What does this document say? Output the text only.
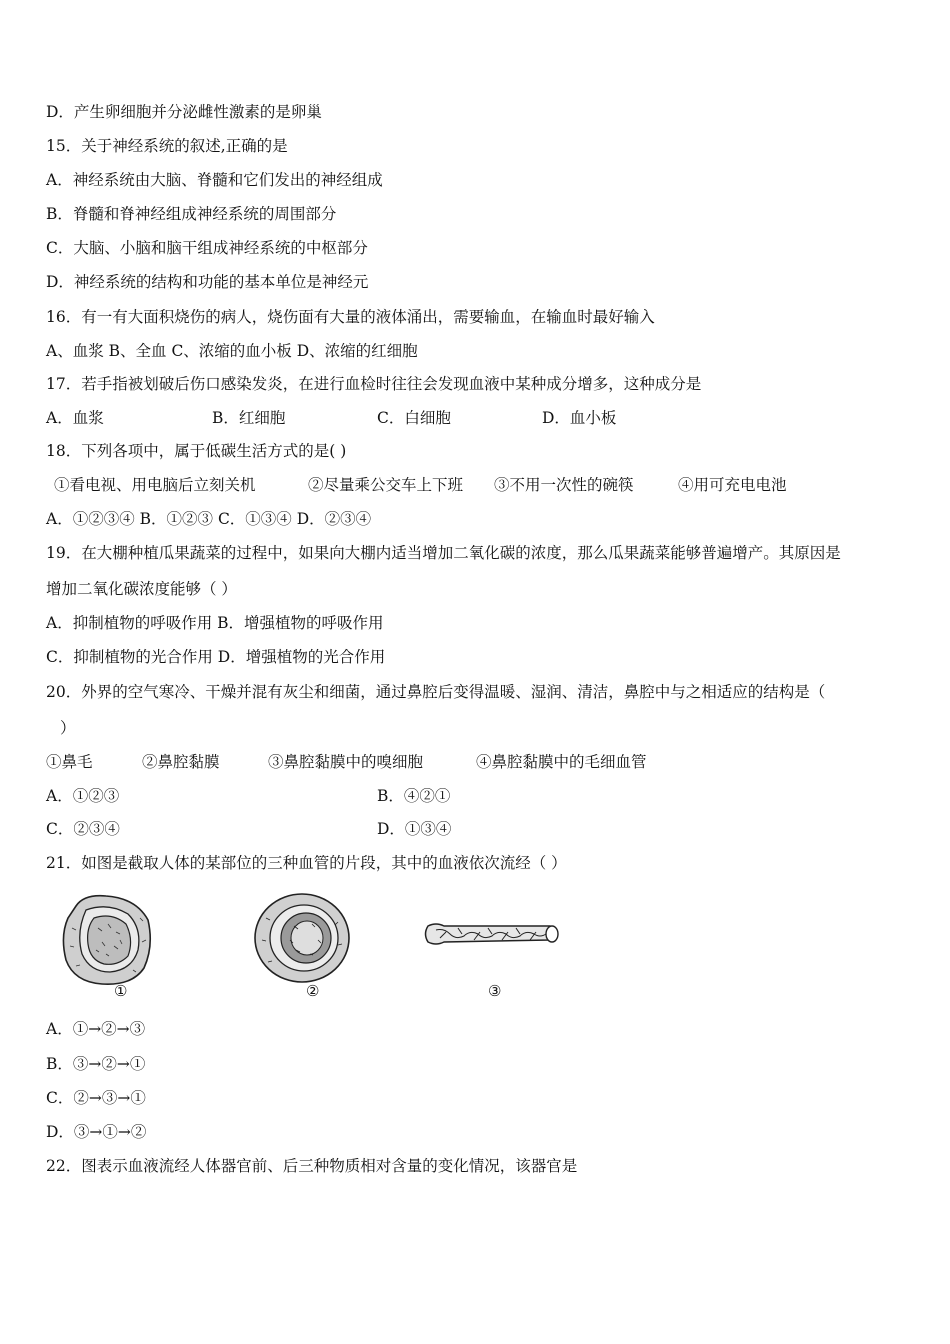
D．产生卵细胞并分泌雌性激素的是卵巢
15．关于神经系统的叙述,正确的是
A．神经系统由大脑、脊髓和它们发出的神经组成
B．脊髓和脊神经组成神经系统的周围部分
C．大脑、小脑和脑干组成神经系统的中枢部分
D．神经系统的结构和功能的基本单位是神经元
16．有一有大面积烧伤的病人，烧伤面有大量的液体涌出，需要输血，在输血时最好输入
A、血浆 B、全血 C、浓缩的血小板 D、浓缩的红细胞
17．若手指被划破后伤口感染发炎，在进行血检时往往会发现血液中某种成分增多，这种成分是
A．血浆	B．红细胞	C．白细胞	D．血小板
18．下列各项中，属于低碳生活方式的是( )
①看电视、用电脑后立刻关机	②尽量乘公交车上下班 ③不用一次性的碗筷	④用可充电电池
A．①②③④ B．①②③ C．①③④ D．②③④
19．在大棚种植瓜果蔬菜的过程中，如果向大棚内适当增加二氧化碳的浓度，那么瓜果蔬菜能够普遍增产。其原因是
增加二氧化碳浓度能够（ ）
A．抑制植物的呼吸作用 B．增强植物的呼吸作用
C．抑制植物的光合作用 D．增强植物的光合作用
20．外界的空气寒冷、干燥并混有灰尘和细菌，通过鼻腔后变得温暖、湿润、清洁，鼻腔中与之相适应的结构是（
）
①鼻毛	②鼻腔黏膜	③鼻腔黏膜中的嗅细胞	④鼻腔黏膜中的毛细血管
A．①②③	B．④②①
C．②③④	D．①③④
21．如图是截取人体的某部位的三种血管的片段，其中的血液依次流经（ ）
①	②	③
A．①→②→③
B．③→②→①
C．②→③→①
D．③→①→②
22．图表示血液流经人体器官前、后三种物质相对含量的变化情况，该器官是
